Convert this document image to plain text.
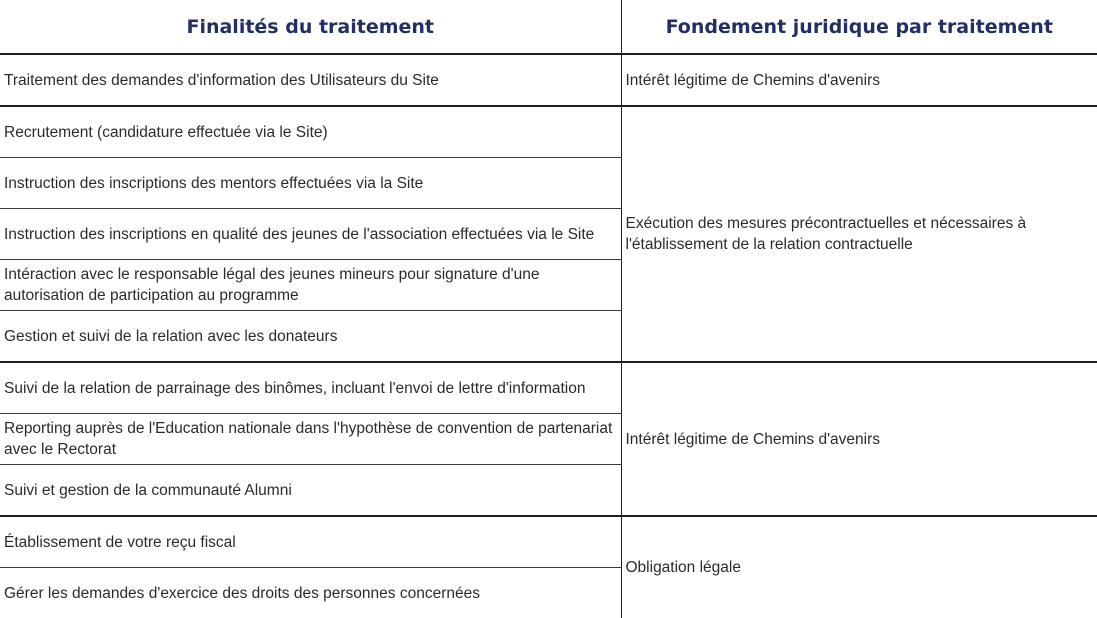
Finalités du traitement	Fondement juridique par traitement
Traitement des demandes d'information des Utilisateurs du Site	Intérêt légitime de Chemins d'avenirs
Recrutement (candidature effectuée via le Site)	Exécution des mesures précontractuelles et nécessaires à l'établissement de la relation contractuelle
Instruction des inscriptions des mentors effectuées via la Site	
Instruction des inscriptions en qualité des jeunes de l'association effectuées via le Site	
Intéraction avec le responsable légal des jeunes mineurs pour signature d'une autorisation de participation au programme	
Gestion et suivi de la relation avec les donateurs	
Suivi de la relation de parrainage des binômes, incluant l'envoi de lettre d'information	Intérêt légitime de Chemins d'avenirs
Reporting auprès de l'Education nationale dans l'hypothèse de convention de partenariat avec le Rectorat	
Suivi et gestion de la communauté Alumni	
Établissement de votre reçu fiscal	Obligation légale
Gérer les demandes d'exercice des droits des personnes concernées	
